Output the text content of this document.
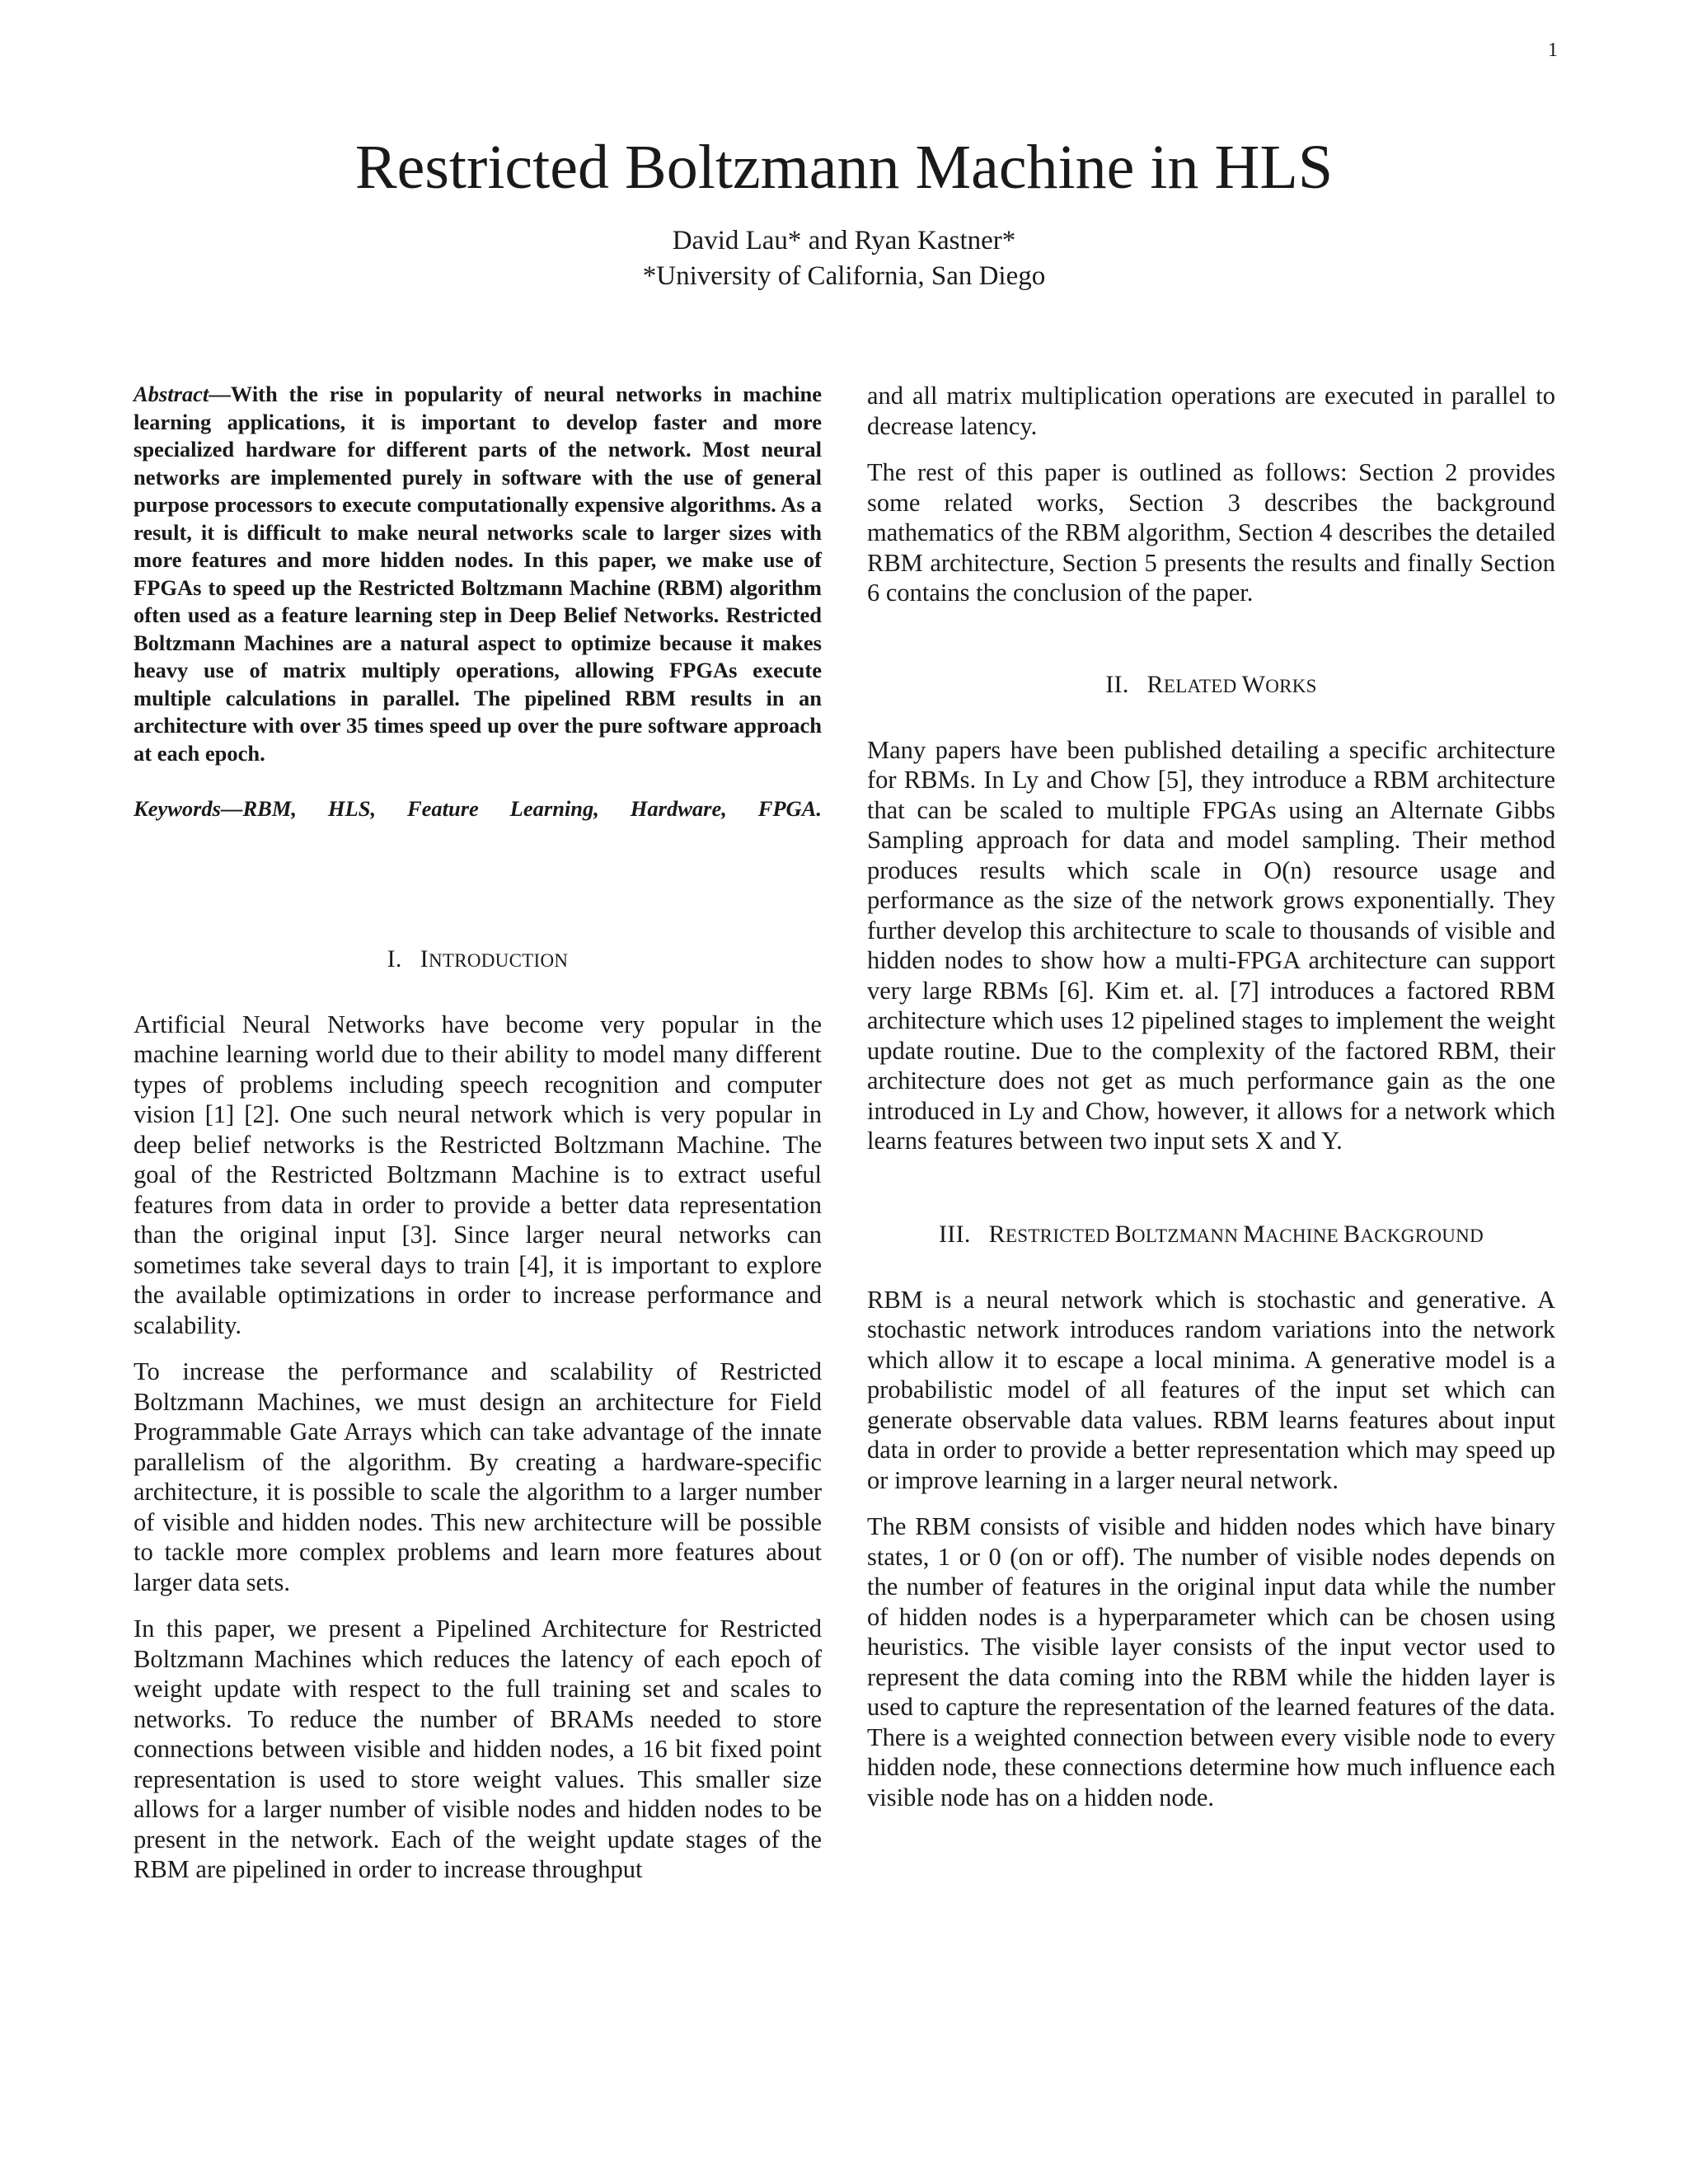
1
Restricted Boltzmann Machine in HLS
David Lau* and Ryan Kastner*
*University of California, San Diego

Abstract—With the rise in popularity of neural networks in machine learning applications, it is important to develop faster and more specialized hardware for different parts of the network. Most neural networks are implemented purely in software with the use of general purpose processors to execute computationally expensive algorithms. As a result, it is difficult to make neural networks scale to larger sizes with more features and more hidden nodes. In this paper, we make use of FPGAs to speed up the Restricted Boltzmann Machine (RBM) algorithm often used as a feature learning step in Deep Belief Networks. Restricted Boltzmann Machines are a natural aspect to optimize because it makes heavy use of matrix multiply operations, allowing FPGAs execute multiple calculations in parallel. The pipelined RBM results in an architecture with over 35 times speed up over the pure software approach at each epoch.

Keywords—RBM, HLS, Feature Learning, Hardware, FPGA.
I. INTRODUCTION

Artificial Neural Networks have become very popular in the machine learning world due to their ability to model many different types of problems including speech recognition and computer vision [1] [2]. One such neural network which is very popular in deep belief networks is the Restricted Boltzmann Machine. The goal of the Restricted Boltzmann Machine is to extract useful features from data in order to provide a better data representation than the original input [3]. Since larger neural networks can sometimes take several days to train [4], it is important to explore the available optimizations in order to increase performance and scalability.

To increase the performance and scalability of Restricted Boltzmann Machines, we must design an architecture for Field Programmable Gate Arrays which can take advantage of the innate parallelism of the algorithm. By creating a hardware-specific architecture, it is possible to scale the algorithm to a larger number of visible and hidden nodes. This new architecture will be possible to tackle more complex problems and learn more features about larger data sets.

In this paper, we present a Pipelined Architecture for Restricted Boltzmann Machines which reduces the latency of each epoch of weight update with respect to the full training set and scales to networks. To reduce the number of BRAMs needed to store connections between visible and hidden nodes, a 16 bit fixed point representation is used to store weight values. This smaller size allows for a larger number of visible nodes and hidden nodes to be present in the network. Each of the weight update stages of the RBM are pipelined in order to increase throughput

and all matrix multiplication operations are executed in parallel to decrease latency.

The rest of this paper is outlined as follows: Section 2 provides some related works, Section 3 describes the background mathematics of the RBM algorithm, Section 4 describes the detailed RBM architecture, Section 5 presents the results and finally Section 6 contains the conclusion of the paper.

II. RELATED WORKS

Many papers have been published detailing a specific architecture for RBMs. In Ly and Chow [5], they introduce a RBM architecture that can be scaled to multiple FPGAs using an Alternate Gibbs Sampling approach for data and model sampling. Their method produces results which scale in O(n) resource usage and performance as the size of the network grows exponentially. They further develop this architecture to scale to thousands of visible and hidden nodes to show how a multi-FPGA architecture can support very large RBMs [6]. Kim et. al. [7] introduces a factored RBM architecture which uses 12 pipelined stages to implement the weight update routine. Due to the complexity of the factored RBM, their architecture does not get as much performance gain as the one introduced in Ly and Chow, however, it allows for a network which learns features between two input sets X and Y.

III. RESTRICTED BOLTZMANN MACHINE BACKGROUND

RBM is a neural network which is stochastic and generative. A stochastic network introduces random variations into the network which allow it to escape a local minima. A generative model is a probabilistic model of all features of the input set which can generate observable data values. RBM learns features about input data in order to provide a better representation which may speed up or improve learning in a larger neural network.

The RBM consists of visible and hidden nodes which have binary states, 1 or 0 (on or off). The number of visible nodes depends on the number of features in the original input data while the number of hidden nodes is a hyperparameter which can be chosen using heuristics. The visible layer consists of the input vector used to represent the data coming into the RBM while the hidden layer is used to capture the representation of the learned features of the data. There is a weighted connection between every visible node to every hidden node, these connections determine how much influence each visible node has on a hidden node.
